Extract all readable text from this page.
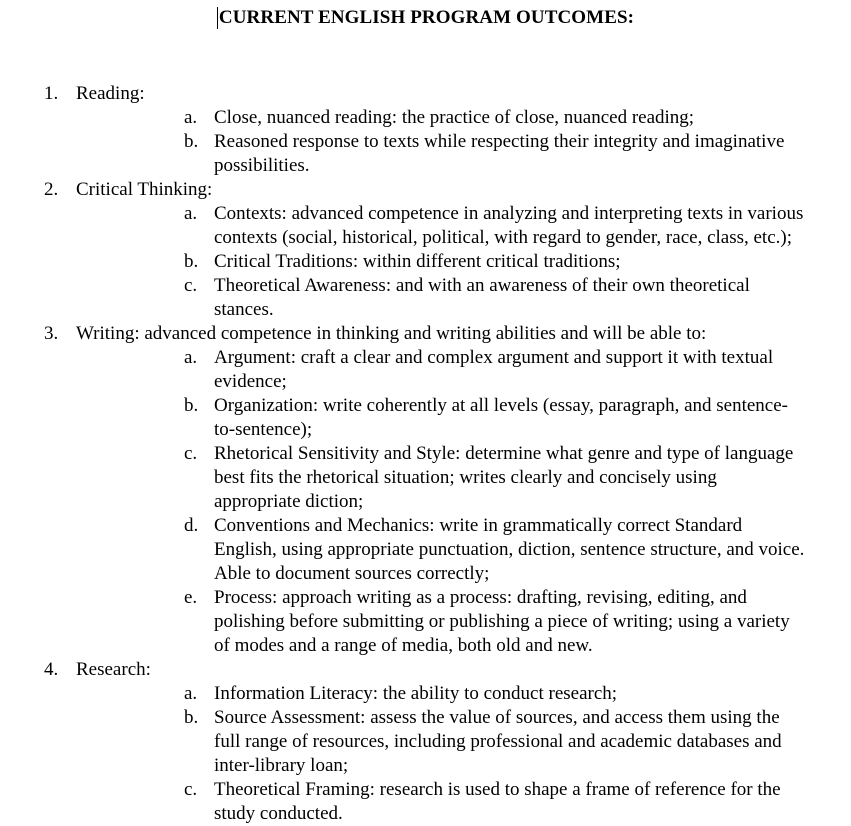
CURRENT ENGLISH PROGRAM OUTCOMES:
1. Reading:
a. Close, nuanced reading: the practice of close, nuanced reading;
b. Reasoned response to texts while respecting their integrity and imaginative possibilities.
2. Critical Thinking:
a. Contexts: advanced competence in analyzing and interpreting texts in various contexts (social, historical, political, with regard to gender, race, class, etc.);
b. Critical Traditions: within different critical traditions;
c. Theoretical Awareness: and with an awareness of their own theoretical stances.
3. Writing: advanced competence in thinking and writing abilities and will be able to:
a. Argument: craft a clear and complex argument and support it with textual evidence;
b. Organization: write coherently at all levels (essay, paragraph, and sentence-to-sentence);
c. Rhetorical Sensitivity and Style: determine what genre and type of language best fits the rhetorical situation; writes clearly and concisely using appropriate diction;
d. Conventions and Mechanics: write in grammatically correct Standard English, using appropriate punctuation, diction, sentence structure, and voice. Able to document sources correctly;
e. Process: approach writing as a process: drafting, revising, editing, and polishing before submitting or publishing a piece of writing; using a variety of modes and a range of media, both old and new.
4. Research:
a. Information Literacy: the ability to conduct research;
b. Source Assessment: assess the value of sources, and access them using the full range of resources, including professional and academic databases and inter-library loan;
c. Theoretical Framing: research is used to shape a frame of reference for the study conducted.
